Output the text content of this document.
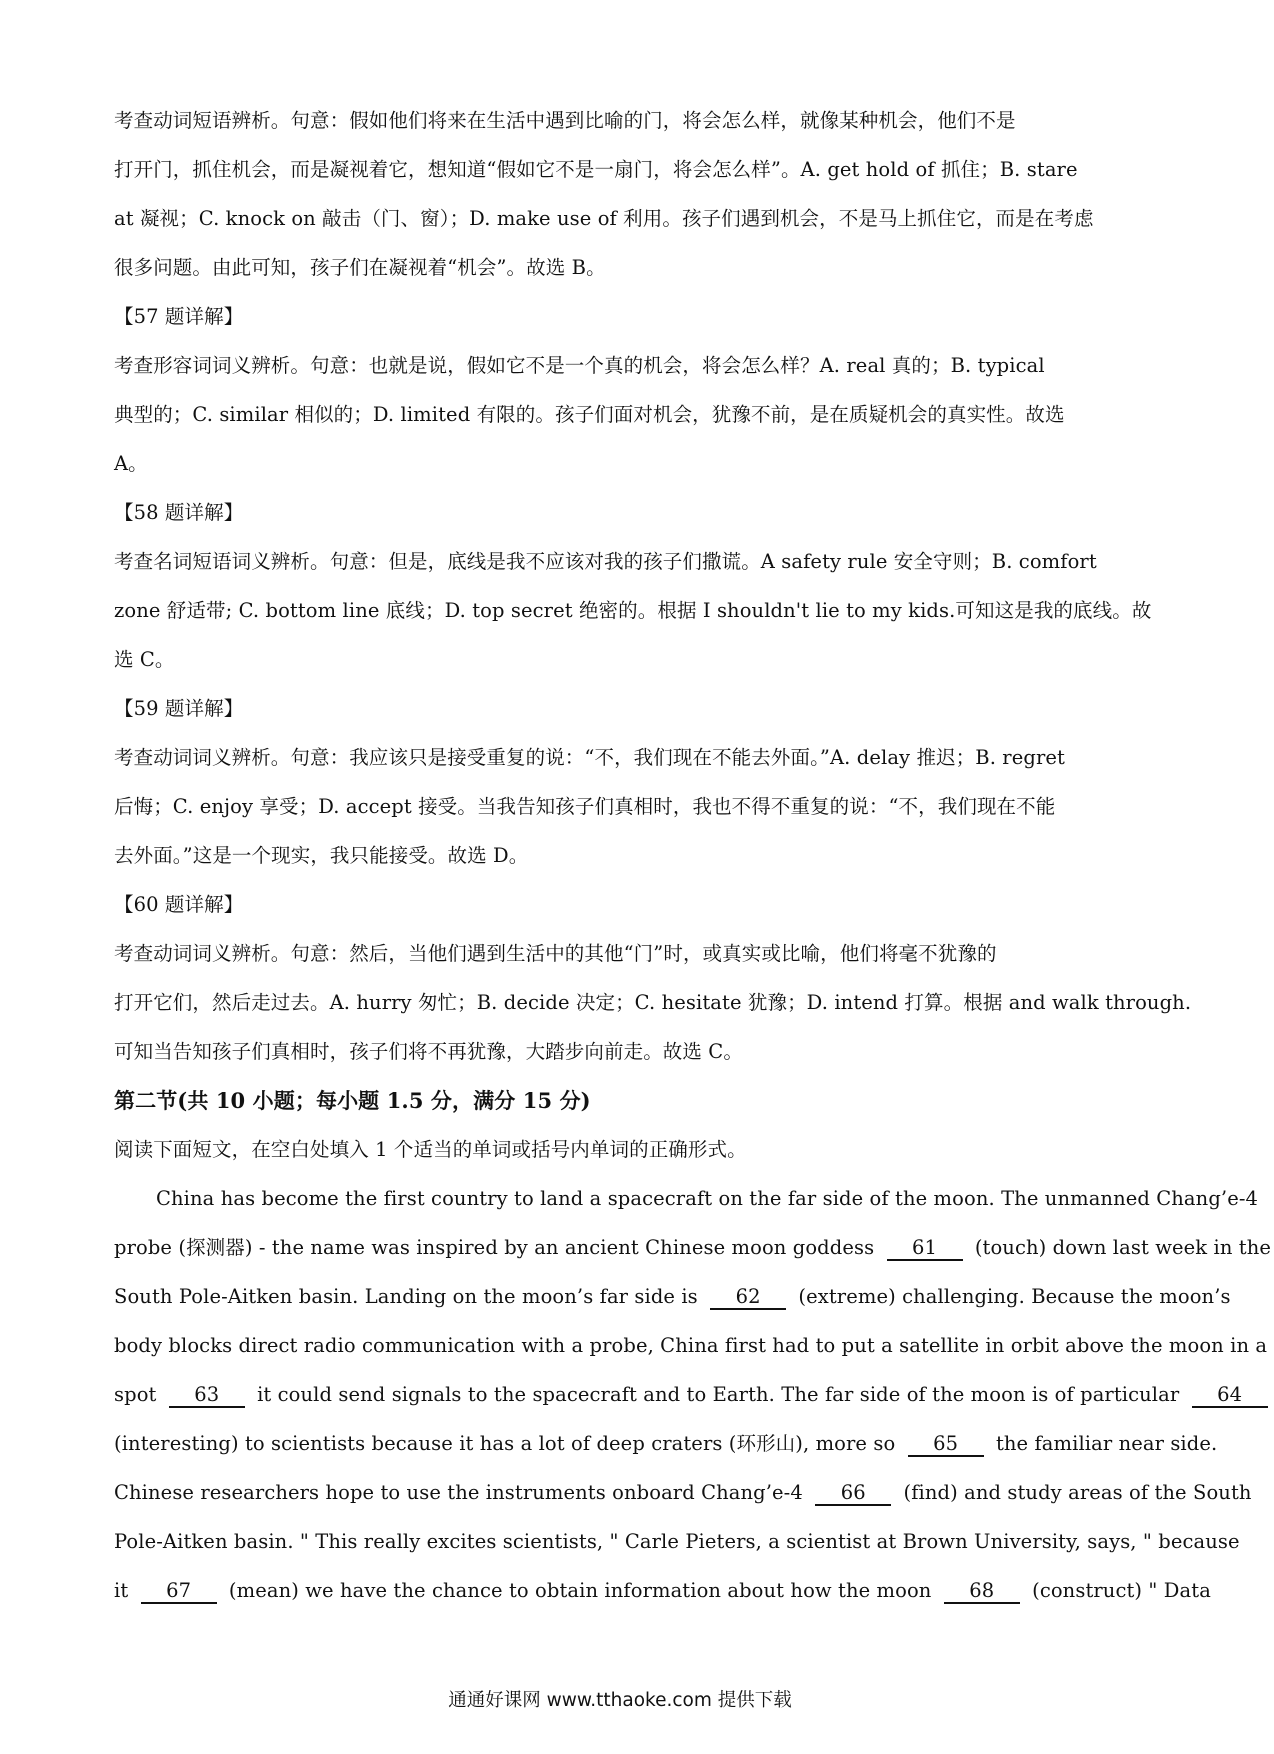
考查动词短语辨析。句意：假如他们将来在生活中遇到比喻的门，将会怎么样，就像某种机会，他们不是

打开门，抓住机会，而是凝视着它，想知道“假如它不是一扇门，将会怎么样”。A. get hold of 抓住；B. stare

at 凝视；C. knock on 敲击（门、窗）；D. make use of 利用。孩子们遇到机会，不是马上抓住它，而是在考虑

很多问题。由此可知，孩子们在凝视着“机会”。故选 B。

【57 题详解】

考查形容词词义辨析。句意：也就是说，假如它不是一个真的机会，将会怎么样？A. real 真的；B. typical

典型的；C. similar 相似的；D. limited 有限的。孩子们面对机会，犹豫不前，是在质疑机会的真实性。故选

A。

【58 题详解】

考查名词短语词义辨析。句意：但是，底线是我不应该对我的孩子们撒谎。A safety rule 安全守则；B. comfort

zone 舒适带; C. bottom line 底线；D. top secret 绝密的。根据 I shouldn't lie to my kids.可知这是我的底线。故

选 C。

【59 题详解】

考查动词词义辨析。句意：我应该只是接受重复的说：“不，我们现在不能去外面。”A. delay 推迟；B. regret

后悔；C. enjoy 享受；D. accept 接受。当我告知孩子们真相时，我也不得不重复的说：“不，我们现在不能

去外面。”这是一个现实，我只能接受。故选 D。

【60 题详解】

考查动词词义辨析。句意：然后，当他们遇到生活中的其他“门”时，或真实或比喻，他们将毫不犹豫的

打开它们，然后走过去。A. hurry 匆忙；B. decide 决定；C. hesitate 犹豫；D. intend 打算。根据 and walk through.

可知当告知孩子们真相时，孩子们将不再犹豫，大踏步向前走。故选 C。

第二节(共 10 小题；每小题 1.5 分，满分 15 分)

阅读下面短文，在空白处填入 1 个适当的单词或括号内单词的正确形式。

China has become the first country to land a spacecraft on the far side of the moon. The unmanned Chang’e-4

probe (探测器) - the name was inspired by an ancient Chinese moon goddess 61 (touch) down last week in the

South Pole-Aitken basin. Landing on the moon’s far side is 62 (extreme) challenging. Because the moon’s

body blocks direct radio communication with a probe, China first had to put a satellite in orbit above the moon in a

spot 63 it could send signals to the spacecraft and to Earth. The far side of the moon is of particular 64

(interesting) to scientists because it has a lot of deep craters (环形山), more so 65 the familiar near side.

Chinese researchers hope to use the instruments onboard Chang’e-4 66 (find) and study areas of the South

Pole-Aitken basin. " This really excites scientists, " Carle Pieters, a scientist at Brown University, says, " because

it 67 (mean) we have the chance to obtain information about how the moon 68 (construct) " Data

通通好课网 www.tthaoke.com 提供下载
